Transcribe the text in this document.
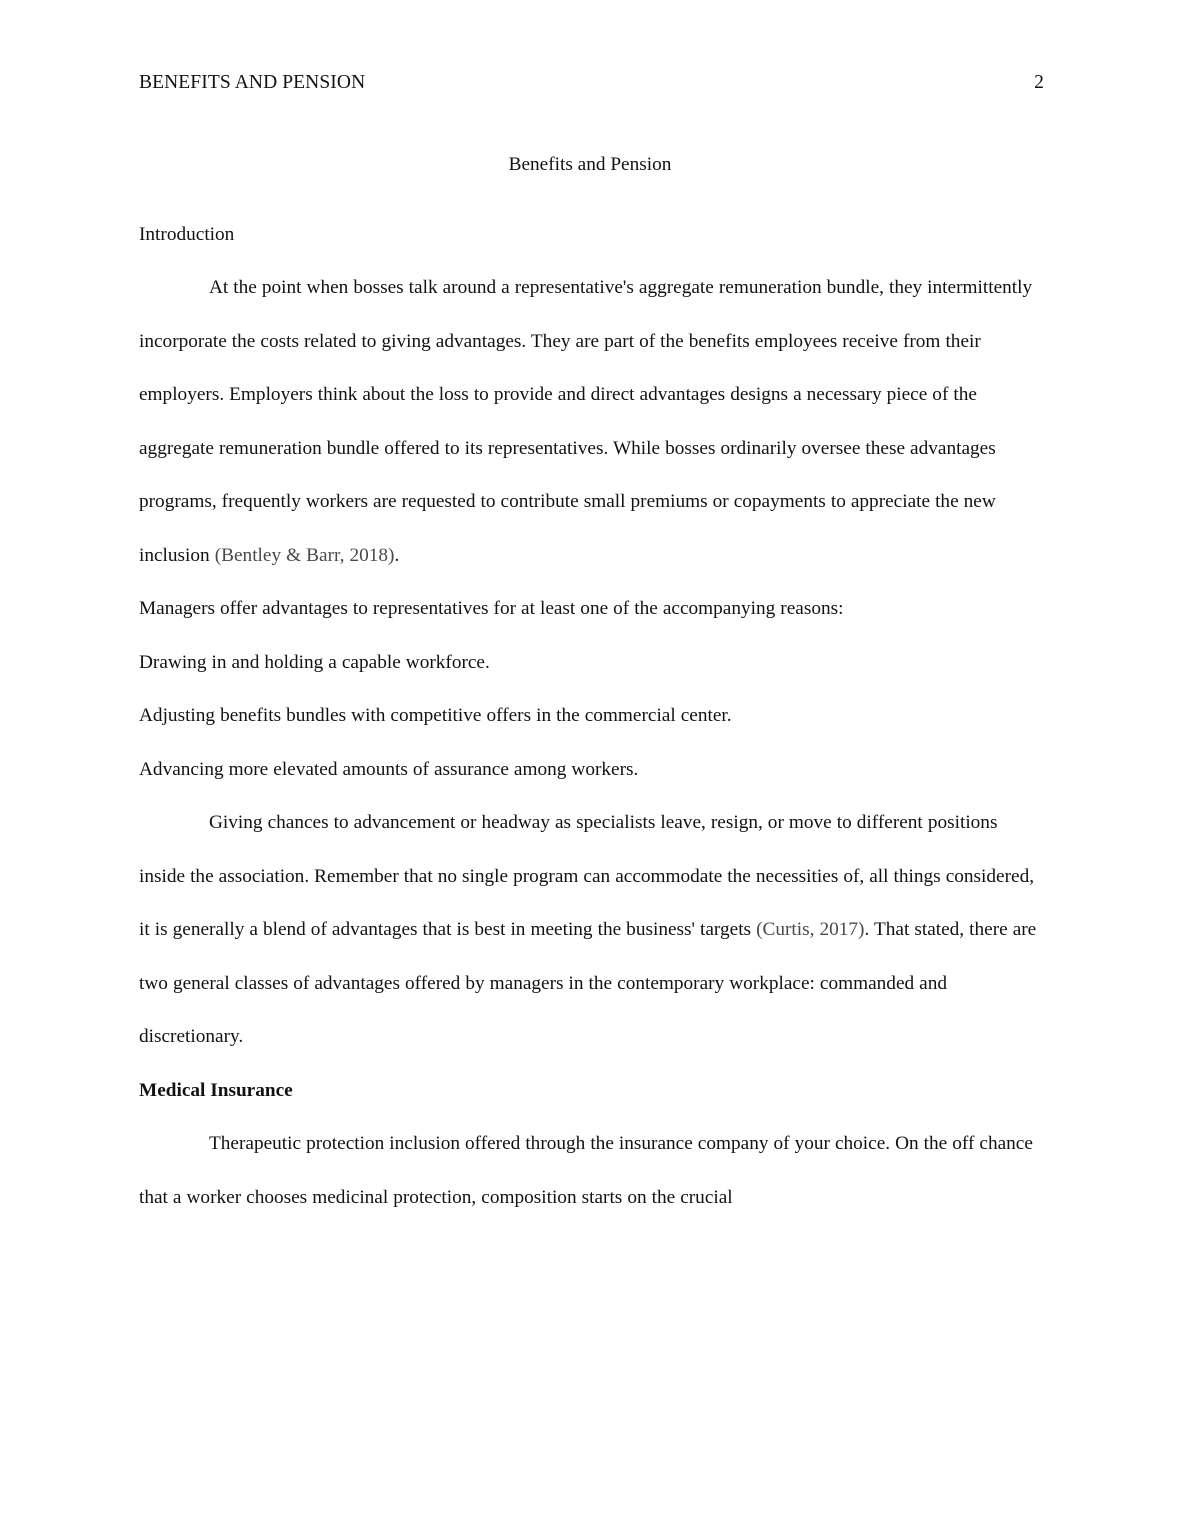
BENEFITS AND PENSION	2
Benefits and Pension
Introduction

At the point when bosses talk around a representative's aggregate remuneration bundle, they intermittently incorporate the costs related to giving advantages. They are part of the benefits employees receive from their employers. Employers think about the loss to provide and direct advantages designs a necessary piece of the aggregate remuneration bundle offered to its representatives. While bosses ordinarily oversee these advantages programs, frequently workers are requested to contribute small premiums or copayments to appreciate the new inclusion (Bentley & Barr, 2018).

Managers offer advantages to representatives for at least one of the accompanying reasons:

Drawing in and holding a capable workforce.

Adjusting benefits bundles with competitive offers in the commercial center.

Advancing more elevated amounts of assurance among workers.

Giving chances to advancement or headway as specialists leave, resign, or move to different positions inside the association. Remember that no single program can accommodate the necessities of, all things considered, it is generally a blend of advantages that is best in meeting the business' targets (Curtis, 2017). That stated, there are two general classes of advantages offered by managers in the contemporary workplace: commanded and discretionary.

Medical Insurance

Therapeutic protection inclusion offered through the insurance company of your choice. On the off chance that a worker chooses medicinal protection, composition starts on the crucial
